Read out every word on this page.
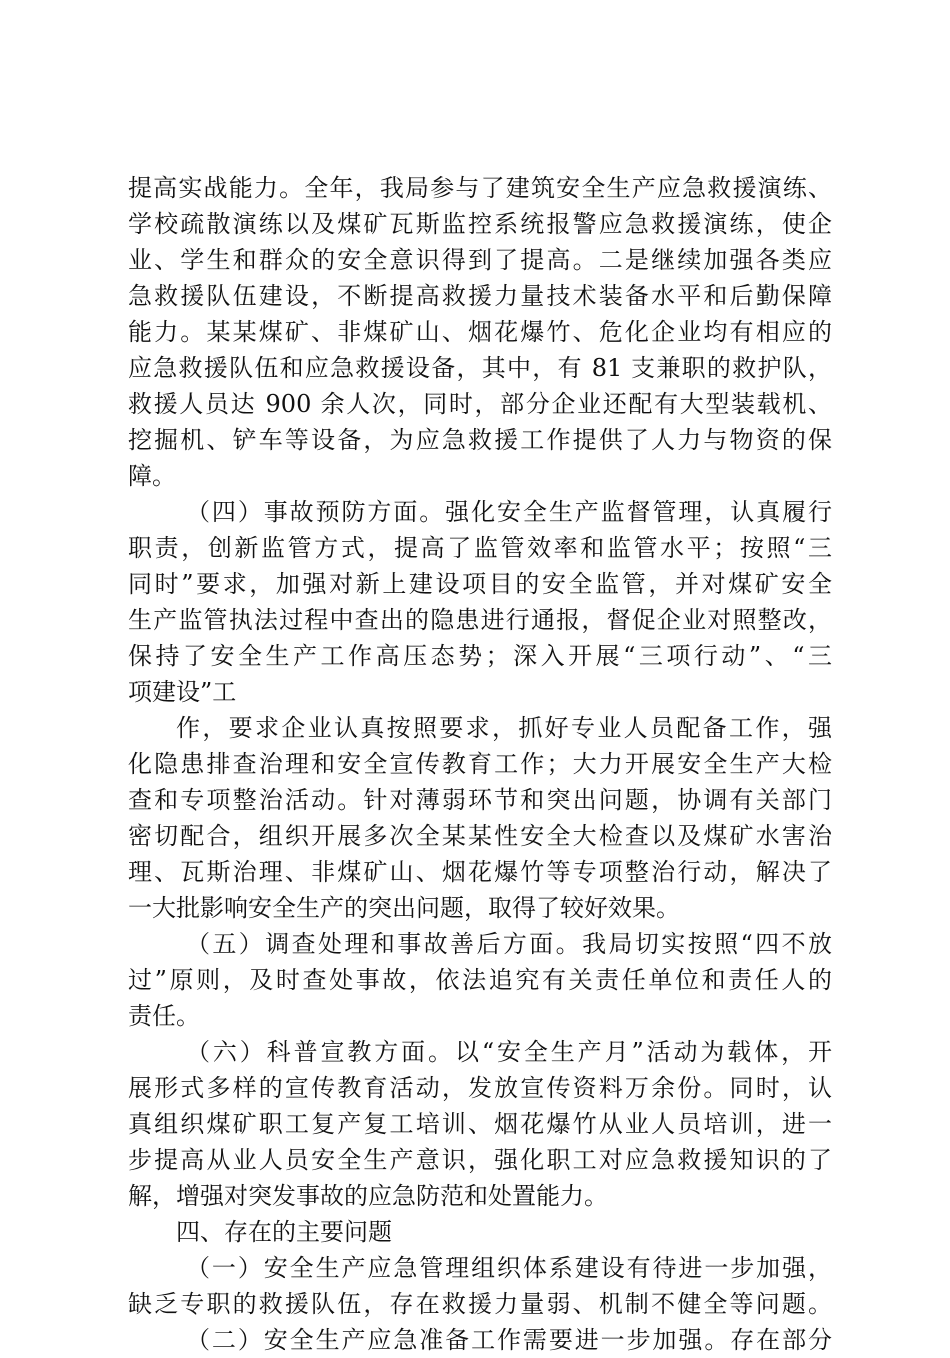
提高实战能力。全年，我局参与了建筑安全生产应急救援演练、
学校疏散演练以及煤矿瓦斯监控系统报警应急救援演练，使企
业、学生和群众的安全意识得到了提高。二是继续加强各类应
急救援队伍建设，不断提高救援力量技术装备水平和后勤保障
能力。某某煤矿、非煤矿山、烟花爆竹、危化企业均有相应的
应急救援队伍和应急救援设备，其中，有 81 支兼职的救护队，
救援人员达 900 余人次，同时，部分企业还配有大型装载机、
挖掘机、铲车等设备，为应急救援工作提供了人力与物资的保
障。
（四）事故预防方面。强化安全生产监督管理，认真履行
职责，创新监管方式，提高了监管效率和监管水平；按照“三
同时”要求，加强对新上建设项目的安全监管，并对煤矿安全
生产监管执法过程中查出的隐患进行通报，督促企业对照整改，
保持了安全生产工作高压态势；深入开展“三项行动”、“三
项建设”工
作，要求企业认真按照要求，抓好专业人员配备工作，强
化隐患排查治理和安全宣传教育工作；大力开展安全生产大检
查和专项整治活动。针对薄弱环节和突出问题，协调有关部门
密切配合，组织开展多次全某某性安全大检查以及煤矿水害治
理、瓦斯治理、非煤矿山、烟花爆竹等专项整治行动，解决了
一大批影响安全生产的突出问题，取得了较好效果。
（五）调查处理和事故善后方面。我局切实按照“四不放
过”原则，及时查处事故，依法追究有关责任单位和责任人的
责任。
（六）科普宣教方面。以“安全生产月”活动为载体，开
展形式多样的宣传教育活动，发放宣传资料万余份。同时，认
真组织煤矿职工复产复工培训、烟花爆竹从业人员培训，进一
步提高从业人员安全生产意识，强化职工对应急救援知识的了
解，增强对突发事故的应急防范和处置能力。
四、存在的主要问题
（一）安全生产应急管理组织体系建设有待进一步加强，
缺乏专职的救援队伍，存在救援力量弱、机制不健全等问题。
（二）安全生产应急准备工作需要进一步加强。存在部分
